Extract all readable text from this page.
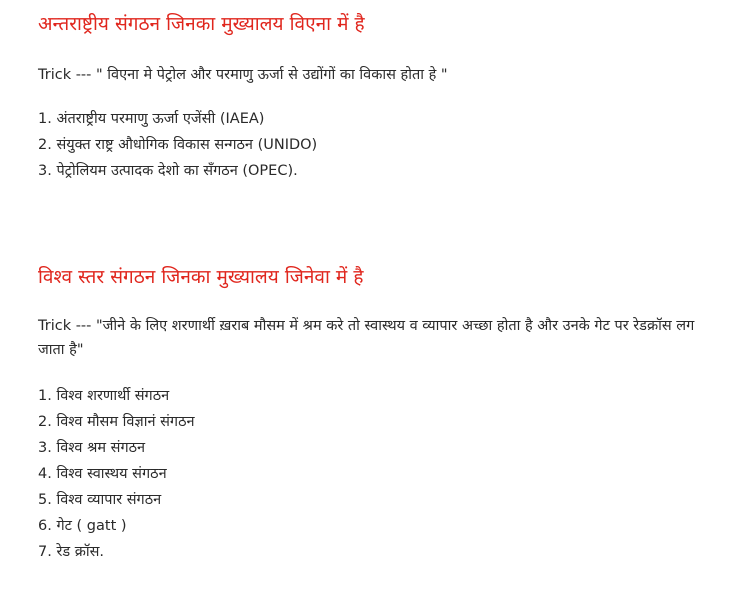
अन्तराष्ट्रीय संगठन जिनका मुख्यालय विएना में है
Trick --- " विएना मे पेट्रोल और परमाणु ऊर्जा से उद्योंगों का विकास होता हे "
1. अंतराष्ट्रीय परमाणु ऊर्जा एजेंसी (IAEA)
2. संयुक्त राष्ट्र औधोगिक विकास सन्गठन (UNIDO)
3. पेट्रोलियम उत्पादक देशो का सँगठन (OPEC).
विश्व स्तर संगठन जिनका मुख्यालय जिनेवा में है
Trick --- "जीने के लिए शरणार्थी ख़राब मौसम में श्रम करे तो स्वास्थय व व्यापार अच्छा होता है और उनके गेट पर रेडक्रॉस लग जाता है"
1. विश्व शरणार्थी संगठन
2. विश्व मौसम विज्ञानं संगठन
3. विश्व श्रम संगठन
4. विश्व स्वास्थय संगठन
5. विश्व व्यापार संगठन
6. गेट ( gatt )
7. रेड क्रॉस.
